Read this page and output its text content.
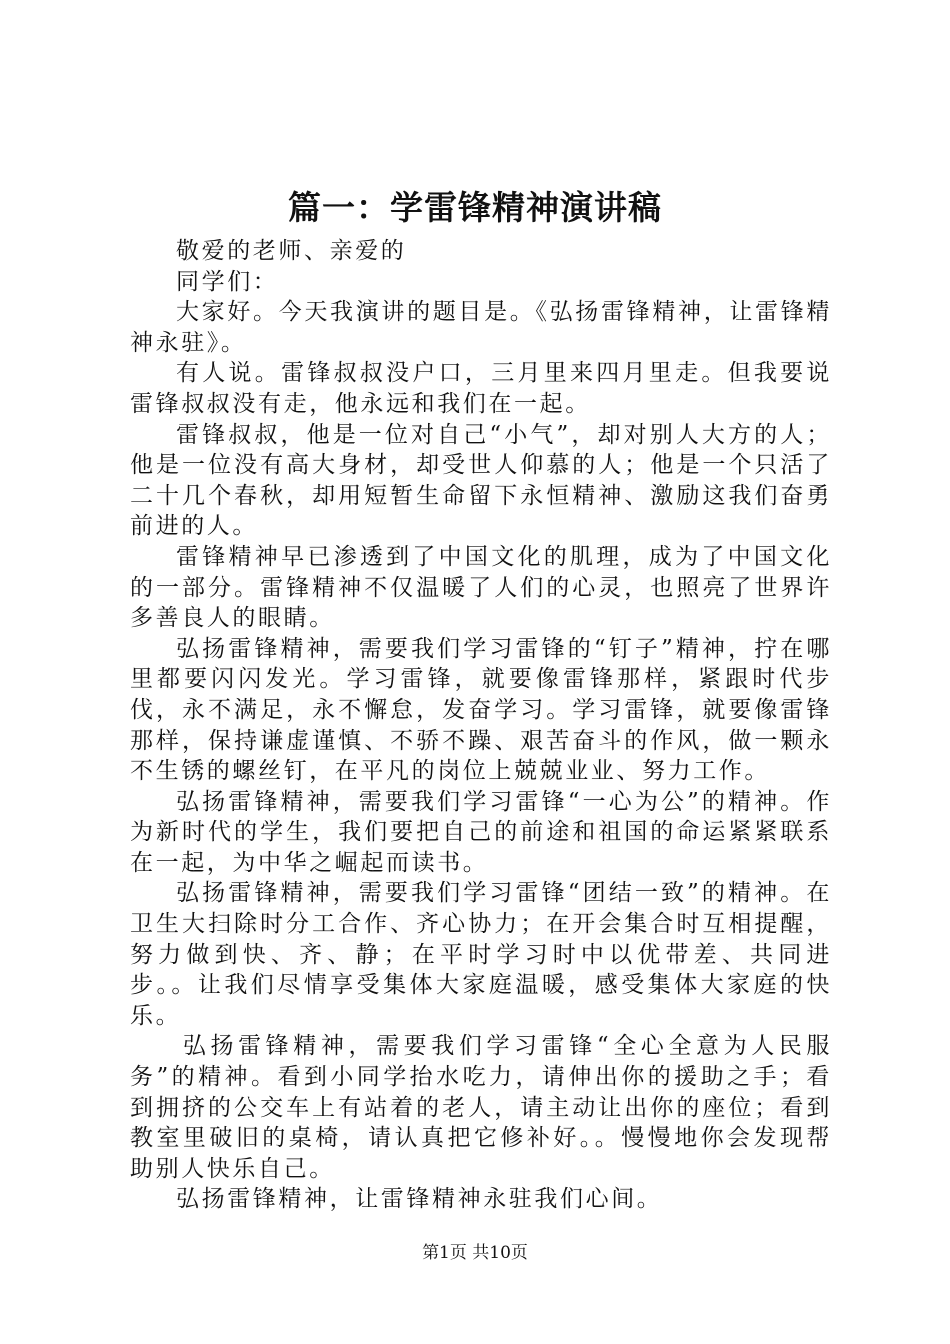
篇一：学雷锋精神演讲稿

敬爱的老师、亲爱的

同学们：

大家好。今天我演讲的题目是。《弘扬雷锋精神，让雷锋精神永驻》。

有人说。雷锋叔叔没户口，三月里来四月里走。但我要说雷锋叔叔没有走，他永远和我们在一起。

雷锋叔叔，他是一位对自己“小气”，却对别人大方的人；他是一位没有高大身材，却受世人仰慕的人；他是一个只活了二十几个春秋，却用短暂生命留下永恒精神、激励这我们奋勇前进的人。

雷锋精神早已渗透到了中国文化的肌理，成为了中国文化的一部分。雷锋精神不仅温暖了人们的心灵，也照亮了世界许多善良人的眼睛。

弘扬雷锋精神，需要我们学习雷锋的“钉子”精神，拧在哪里都要闪闪发光。学习雷锋，就要像雷锋那样，紧跟时代步伐，永不满足，永不懈怠，发奋学习。学习雷锋，就要像雷锋那样，保持谦虚谨慎、不骄不躁、艰苦奋斗的作风，做一颗永不生锈的螺丝钉，在平凡的岗位上兢兢业业、努力工作。

弘扬雷锋精神，需要我们学习雷锋“一心为公”的精神。作为新时代的学生，我们要把自己的前途和祖国的命运紧紧联系在一起，为中华之崛起而读书。

弘扬雷锋精神，需要我们学习雷锋“团结一致”的精神。在卫生大扫除时分工合作、齐心协力；在开会集合时互相提醒，努力做到快、齐、静；在平时学习时中以优带差、共同进步。。让我们尽情享受集体大家庭温暖，感受集体大家庭的快乐。

弘扬雷锋精神，需要我们学习雷锋“全心全意为人民服务”的精神。看到小同学抬水吃力，请伸出你的援助之手；看到拥挤的公交车上有站着的老人，请主动让出你的座位；看到教室里破旧的桌椅，请认真把它修补好。。慢慢地你会发现帮助别人快乐自己。

弘扬雷锋精神，让雷锋精神永驻我们心间。

第1页 共10页
